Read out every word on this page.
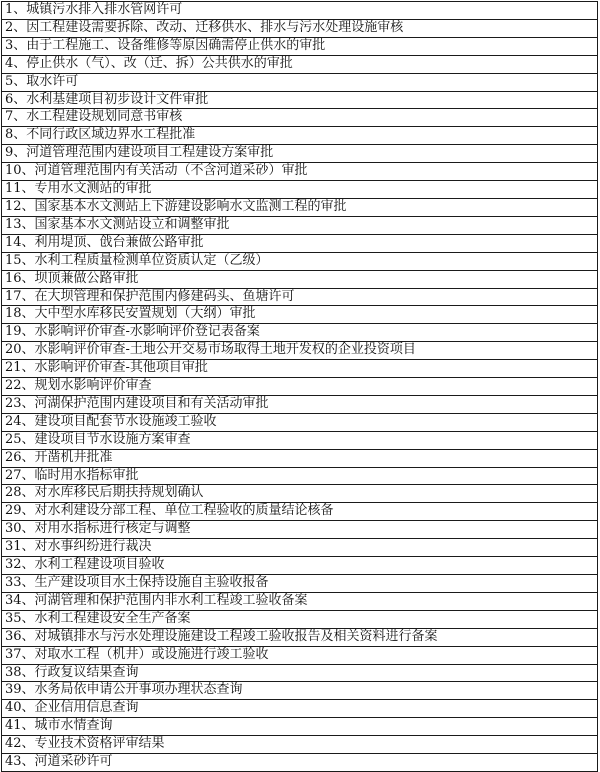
1、城镇污水排入排水管网许可
2、因工程建设需要拆除、改动、迁移供水、排水与污水处理设施审核
3、由于工程施工、设备维修等原因确需停止供水的审批
4、停止供水（气）、改（迁、拆）公共供水的审批
5、取水许可
6、水利基建项目初步设计文件审批
7、水工程建设规划同意书审核
8、不同行政区域边界水工程批准
9、河道管理范围内建设项目工程建设方案审批
10、河道管理范围内有关活动（不含河道采砂）审批
11、专用水文测站的审批
12、国家基本水文测站上下游建设影响水文监测工程的审批
13、国家基本水文测站设立和调整审批
14、利用堤顶、戗台兼做公路审批
15、水利工程质量检测单位资质认定（乙级）
16、坝顶兼做公路审批
17、在大坝管理和保护范围内修建码头、鱼塘许可
18、大中型水库移民安置规划（大纲）审批
19、水影响评价审查-水影响评价登记表备案
20、水影响评价审查-土地公开交易市场取得土地开发权的企业投资项目
21、水影响评价审查-其他项目审批
22、规划水影响评价审查
23、河湖保护范围内建设项目和有关活动审批
24、建设项目配套节水设施竣工验收
25、建设项目节水设施方案审查
26、开凿机井批准
27、临时用水指标审批
28、对水库移民后期扶持规划确认
29、对水利建设分部工程、单位工程验收的质量结论核备
30、对用水指标进行核定与调整
31、对水事纠纷进行裁决
32、水利工程建设项目验收
33、生产建设项目水土保持设施自主验收报备
34、河湖管理和保护范围内非水利工程竣工验收备案
35、水利工程建设安全生产备案
36、对城镇排水与污水处理设施建设工程竣工验收报告及相关资料进行备案
37、对取水工程（机井）或设施进行竣工验收
38、行政复议结果查询
39、水务局依申请公开事项办理状态查询
40、企业信用信息查询
41、城市水情查询
42、专业技术资格评审结果
43、河道采砂许可
